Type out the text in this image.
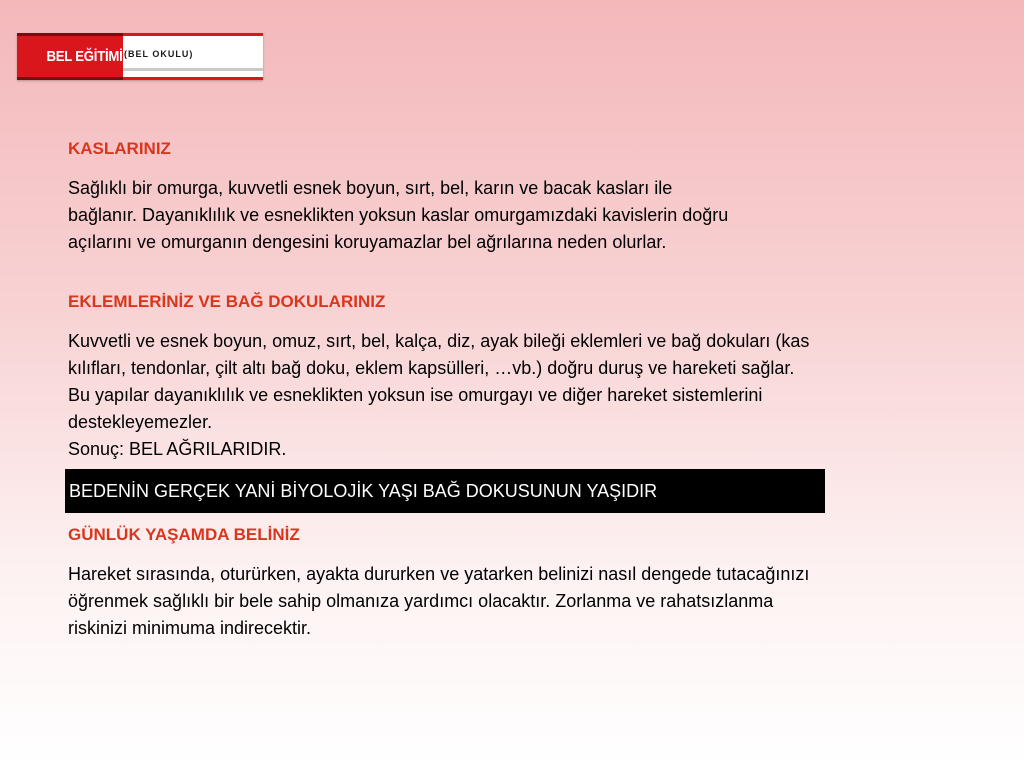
BEL EĞİTİMİ (BEL OKULU)
KASLARINIZ
Sağlıklı bir omurga, kuvvetli esnek boyun, sırt, bel, karın ve bacak kasları ile
bağlanır. Dayanıklılık ve esneklikten yoksun kaslar omurgamızdaki kavislerin doğru
açılarını ve omurganın dengesini koruyamazlar bel ağrılarına neden olurlar.
EKLEMLERİNİZ VE BAĞ DOKULARINIZ
Kuvvetli ve esnek boyun, omuz, sırt, bel, kalça, diz, ayak bileği eklemleri ve bağ dokuları (kas
kılıfları, tendonlar, çilt altı bağ doku, eklem kapsülleri, …vb.) doğru duruş ve hareketi sağlar.
Bu yapılar dayanıklılık ve esneklikten yoksun ise omurgayı ve diğer hareket sistemlerini
destekleyemezler.
Sonuç: BEL AĞRILARIDIR.
GÜNLÜK YAŞAMDA BELİNİZ
Hareket sırasında, oturürken, ayakta dururken ve yatarken belinizi nasıl dengede tutacağınızı
öğrenmek sağlıklı bir bele sahip olmanıza yardımcı olacaktır. Zorlanma ve rahatsızlanma
riskinizi minimuma indirecektir.
BEDENİN GERÇEK YANİ BİYOLOJİK YAŞI BAĞ DOKUSUNUN YAŞIDIR
